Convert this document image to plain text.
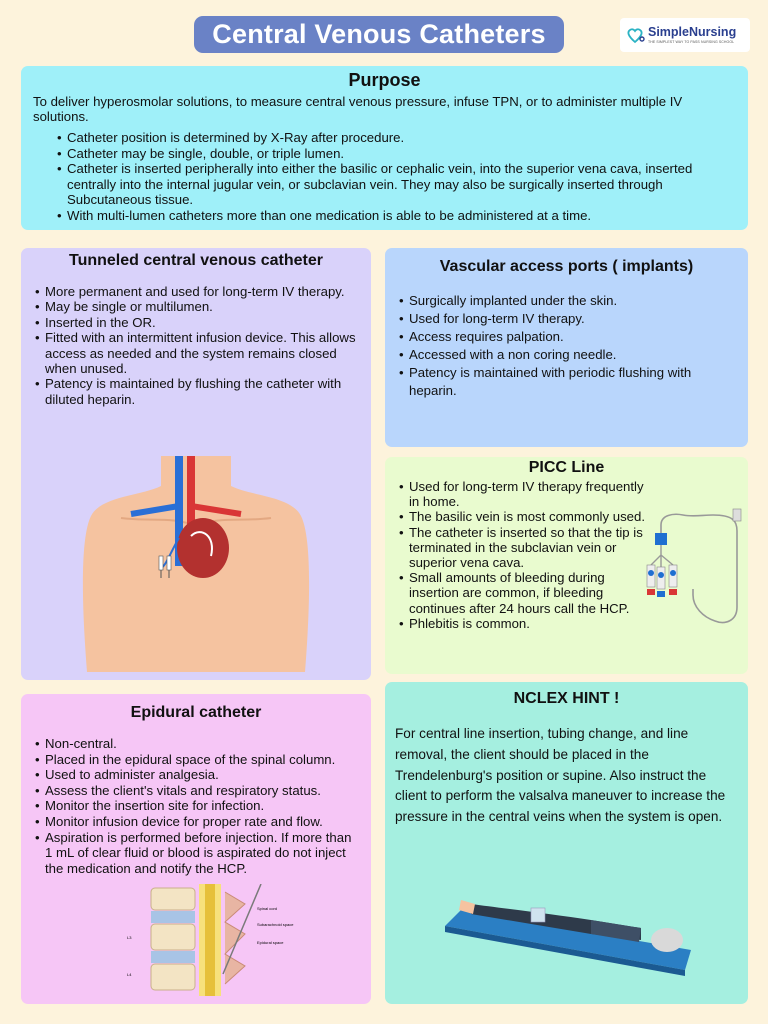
Central Venous Catheters	SimpleNursing
THE SIMPLEST WAY TO PASS NURSING SCHOOL
Purpose
To deliver hyperosmolar solutions, to measure central venous pressure, infuse TPN, or to administer multiple IV solutions.
• Catheter position is determined by X-Ray after procedure.
• Catheter may be single, double, or triple lumen.
• Catheter is inserted peripherally into either the basilic or cephalic vein, into the superior vena cava, inserted centrally into the internal jugular vein, or subclavian vein. They may also be surgically inserted through Subcutaneous tissue.
• With multi-lumen catheters more than one medication is able to be administered at a time.
Tunneled central venous catheter
• More permanent and used for long-term IV therapy.
• May be single or multilumen.
• Inserted in the OR.
• Fitted with an intermittent infusion device. This allows access as needed and the system remains closed when unused.
• Patency is maintained by flushing the catheter with diluted heparin.
Vascular access ports ( implants)
• Surgically implanted under the skin.
• Used for long-term IV therapy.
• Access requires palpation.
• Accessed with a non coring needle.
• Patency is maintained with periodic flushing with heparin.
PICC Line
• Used for long-term IV therapy frequently in home.
• The basilic vein is most commonly used.
• The catheter is inserted so that the tip is terminated in the subclavian vein or superior vena cava.
• Small amounts of bleeding during insertion are common, if bleeding continues after 24 hours call the HCP.
• Phlebitis is common.
Epidural catheter
• Non-central.
• Placed in the epidural space of the spinal column.
• Used to administer analgesia.
• Assess the client's vitals and respiratory status.
• Monitor the insertion site for infection.
• Monitor infusion device for proper rate and flow.
• Aspiration is performed before injection. If more than 1 mL of clear fluid or blood is aspirated do not inject the medication and notify the HCP.
Spinal cord
Subarachnoid space
Epidural space
L3
L4
NCLEX HINT !

For central line insertion, tubing change, and line removal, the client should be placed in the Trendelenburg's position or supine. Also instruct the client to perform the valsalva maneuver to increase the pressure in the central veins when the system is open.
